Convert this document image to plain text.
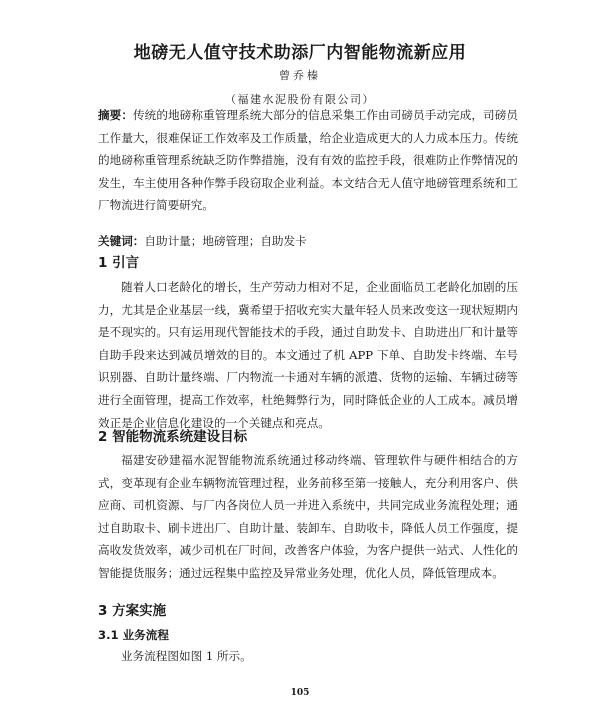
地磅无人值守技术助添厂内智能物流新应用
曾乔榛
（福建水泥股份有限公司）

摘要：传统的地磅称重管理系统大部分的信息采集工作由司磅员手动完成，司磅员工作量大，很难保证工作效率及工作质量，给企业造成更大的人力成本压力。传统的地磅称重管理系统缺乏防作弊措施，没有有效的监控手段，很难防止作弊情况的发生，车主使用各种作弊手段窃取企业利益。本文结合无人值守地磅管理系统和工厂物流进行简要研究。

关键词：自助计量；地磅管理；自助发卡
1 引言

随着人口老龄化的增长，生产劳动力相对不足，企业面临员工老龄化加剧的压力，尤其是企业基层一线，冀希望于招收充实大量年轻人员来改变这一现状短期内是不现实的。只有运用现代智能技术的手段，通过自助发卡、自助进出厂和计量等自助手段来达到减员增效的目的。本文通过了机 APP 下单、自助发卡终端、车号识别器、自助计量终端、厂内物流一卡通对车辆的派遣、货物的运输、车辆过磅等进行全面管理，提高工作效率，杜绝舞弊行为，同时降低企业的人工成本。减员增效正是企业信息化建设的一个关键点和亮点。

2 智能物流系统建设目标

福建安砂建福水泥智能物流系统通过移动终端、管理软件与硬件相结合的方式，变革现有企业车辆物流管理过程，业务前移至第一接触人，充分利用客户、供应商、司机资源、与厂内各岗位人员一并进入系统中，共同完成业务流程处理；通过自助取卡、刷卡进出厂、自助计量、装卸车、自助收卡，降低人员工作强度，提高收发货效率，减少司机在厂时间，改善客户体验，为客户提供一站式、人性化的智能提货服务；通过远程集中监控及异常业务处理，优化人员，降低管理成本。

3 方案实施
3.1 业务流程

业务流程图如图 1 所示。

105
